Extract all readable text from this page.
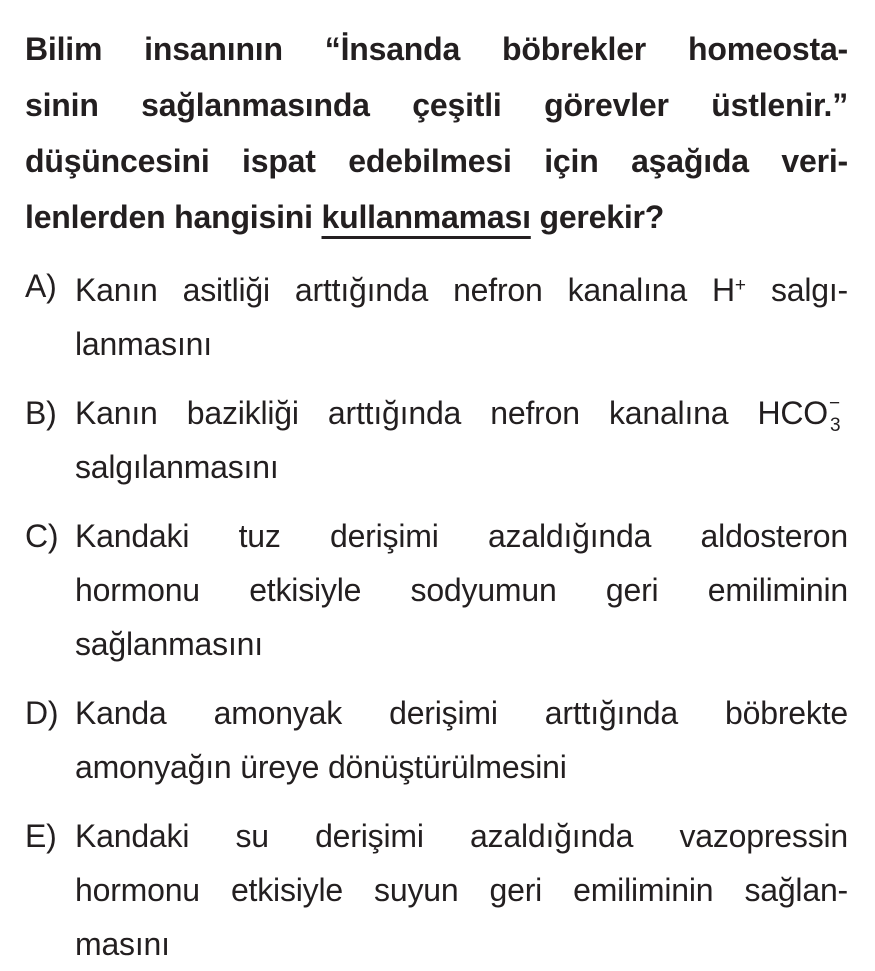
Bilim insanının “İnsanda böbrekler homeosta-
sinin sağlanmasında çeşitli görevler üstlenir.”
düşüncesini ispat edebilmesi için aşağıda veri-
lenlerden hangisini kullanmaması gerekir?
A) Kanın asitliği arttığında nefron kanalına H+ salgı-
lanmasını
B) Kanın bazikliği arttığında nefron kanalına HCO −
3
salgılanmasını
C) Kandaki tuz derişimi azaldığında aldosteron
hormonu etkisiyle sodyumun geri emiliminin
sağlanmasını
D) Kanda amonyak derişimi arttığında böbrekte
amonyağın üreye dönüştürülmesini
E) Kandaki su derişimi azaldığında vazopressin
hormonu etkisiyle suyun geri emiliminin sağlan-
masını
